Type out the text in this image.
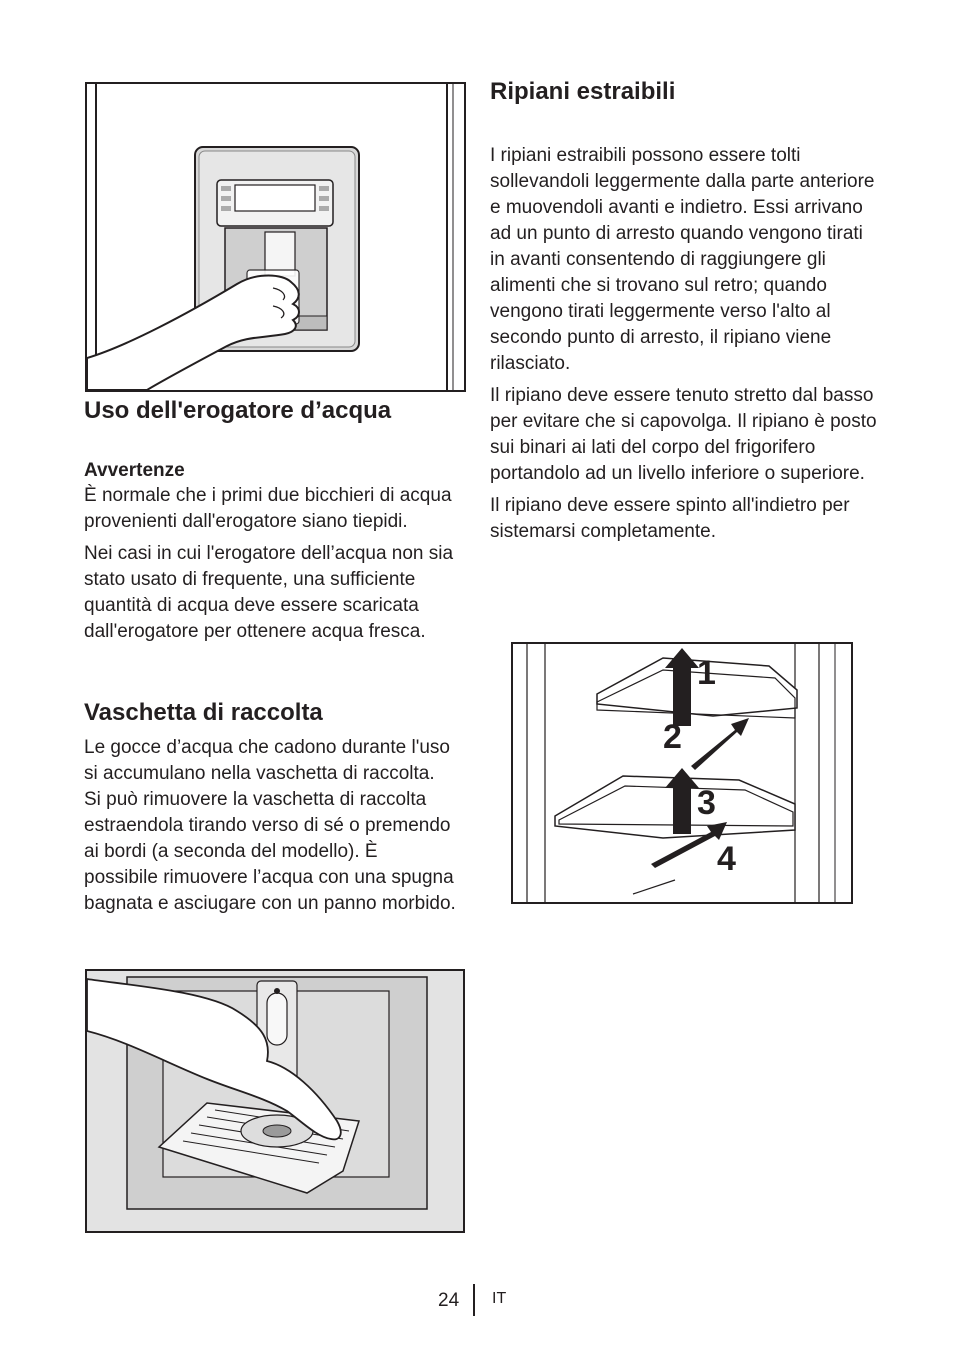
Uso dell'erogatore d’acqua

Avvertenze

È normale che i primi due bicchieri di acqua provenienti dall'erogatore siano tiepidi.

Nei casi in cui l'erogatore dell’acqua non sia stato usato di frequente, una sufficiente quantità di acqua deve essere scaricata dall'erogatore per ottenere acqua fresca.

Vaschetta di raccolta

Le gocce d’acqua che cadono durante l'uso si accumulano nella vaschetta di raccolta. Si può rimuovere la vaschetta di raccolta estraendola tirando verso di sé o premendo ai bordi (a seconda del modello). È possibile rimuovere l’acqua con una spugna bagnata e asciugare con un panno morbido.

Ripiani estraibili

I ripiani estraibili possono essere tolti sollevandoli leggermente dalla parte anteriore e muovendoli avanti e indietro. Essi arrivano ad un punto di arresto quando vengono tirati in avanti consentendo di raggiungere gli alimenti che si trovano sul retro; quando vengono tirati leggermente verso l'alto al secondo punto di arresto, il ripiano viene rilasciato.

Il ripiano deve essere tenuto stretto dal basso per evitare che si capovolga. Il ripiano è posto sui binari ai lati del corpo del frigorifero portandolo ad un livello inferiore o superiore.

Il ripiano deve essere spinto all'indietro per sistemarsi completamente.

1
2
3
4
24 IT
